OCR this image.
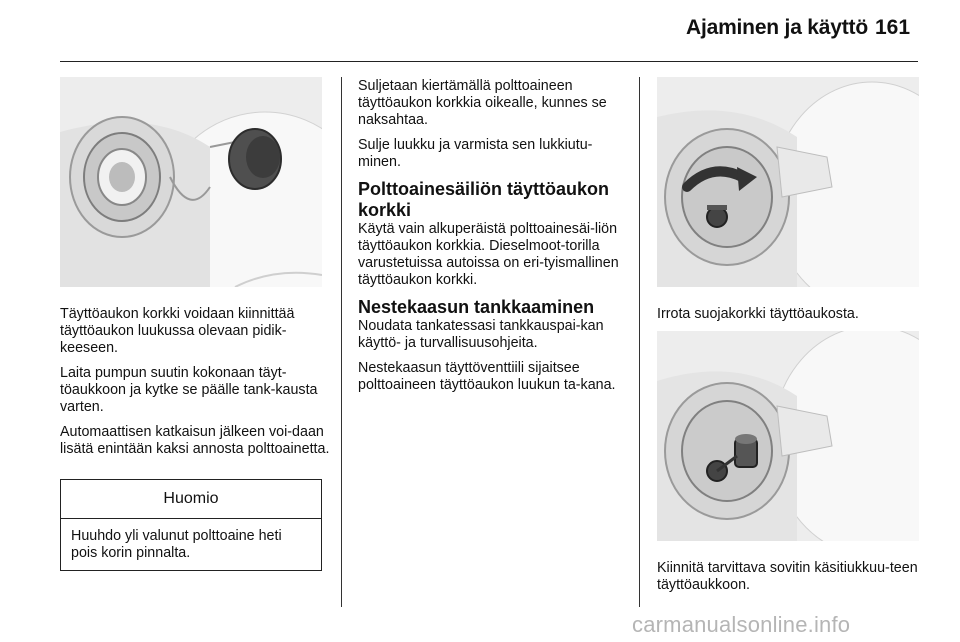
Ajaminen ja käyttö 161

Täyttöaukon korkki voidaan kiinnittää täyttöaukon luukussa olevaan pidik-keeseen.

Laita pumpun suutin kokonaan täyt-töaukkoon ja kytke se päälle tank-kausta varten.

Automaattisen katkaisun jälkeen voi-daan lisätä enintään kaksi annosta polttoainetta.

Huomio
Huuhdo yli valunut polttoaine heti pois korin pinnalta.

Suljetaan kiertämällä polttoaineen täyttöaukon korkkia oikealle, kunnes se naksahtaa.

Sulje luukku ja varmista sen lukkiutu-minen.

Polttoainesäiliön täyttöaukon korkki

Käytä vain alkuperäistä polttoainesäi-liön täyttöaukon korkkia. Dieselmoot-torilla varustetuissa autoissa on eri-tyismallinen täyttöaukon korkki.

Nestekaasun tankkaaminen

Noudata tankatessasi tankkauspai-kan käyttö- ja turvallisuusohjeita.

Nestekaasun täyttöventtiili sijaitsee polttoaineen täyttöaukon luukun ta-kana.

Irrota suojakorkki täyttöaukosta.

Kiinnitä tarvittava sovitin käsitiukkuu-teen täyttöaukkoon.

carmanualsonline.info
